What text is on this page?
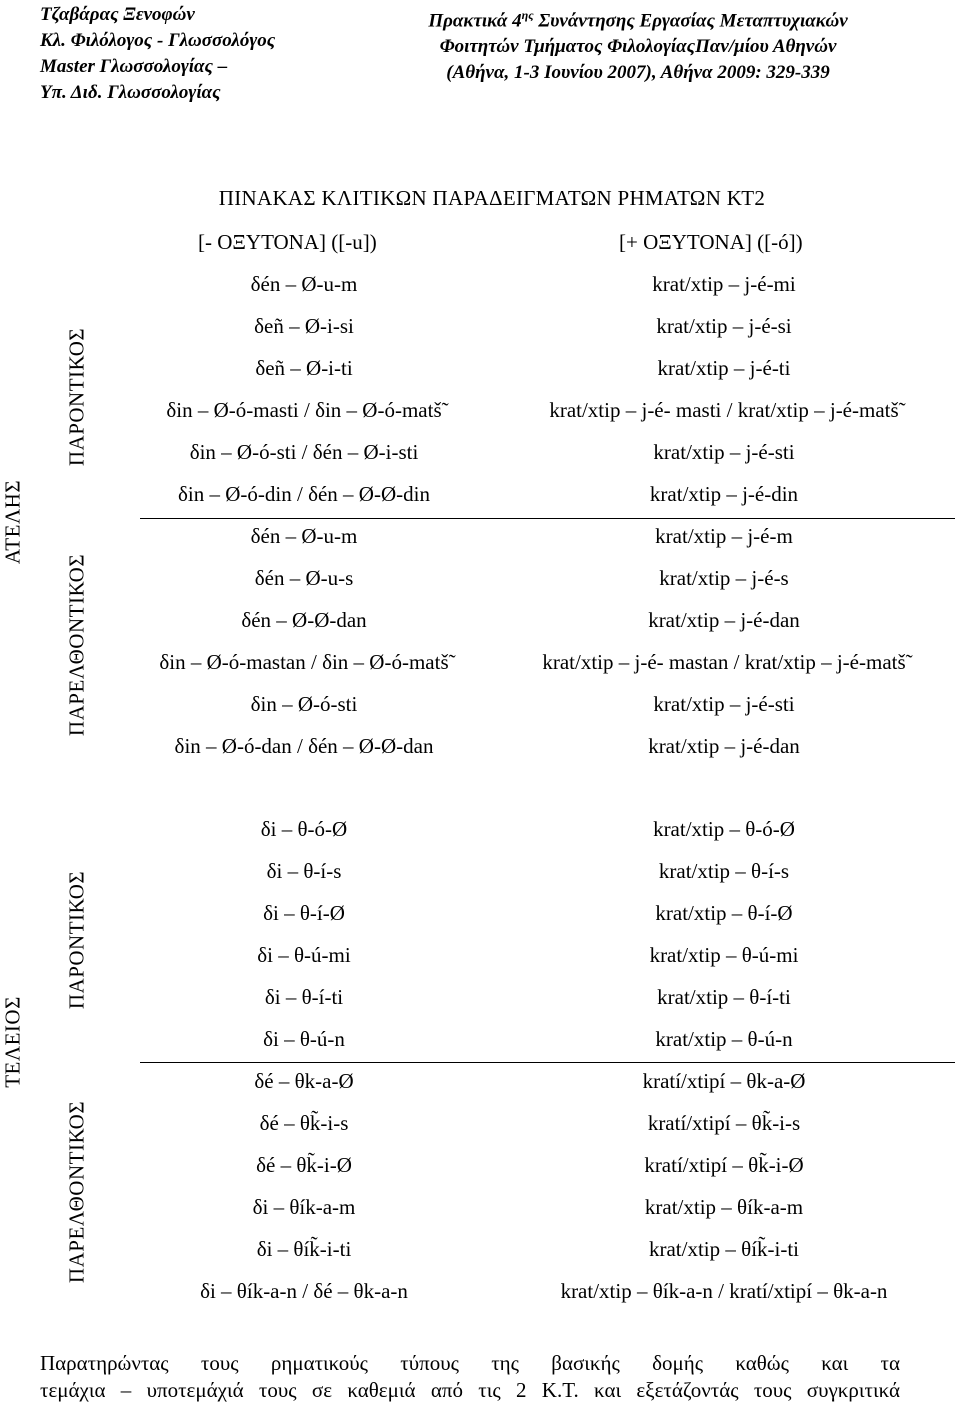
Τζαβάρας Ξενοφών
Κλ. Φιλόλογος - Γλωσσολόγος
Master Γλωσσολογίας –
Υπ. Διδ. Γλωσσολογίας
Πρακτικά $4^{\eta\varsigma}$ Συνάντησης Εργασίας Μεταπτυχιακών
Φοιτητών Τμήματος ΦιλολογίαςΠαν/μίου Αθηνών
(Αθήνα, 1-3 Ιουνίου 2007), Αθήνα 2009: 329-339
ΠΙΝΑΚΑΣ ΚΛΙΤΙΚΩΝ ΠΑΡΑΔΕΙΓΜΑΤΩΝ ΡΗΜΑΤΩΝ ΚΤ2
[- ΟΞΥΤΟΝΑ] ([-u])	[+ ΟΞΥΤΟΝΑ] ([-ó])
ΑΤΕΛΗΣ
ΠΑΡΟΝΤΙΚΟΣ
ΠΑΡΕΛΘΟΝΤΙΚΟΣ
ΤΕΛΕΙΟΣ
ΠΑΡΟΝΤΙΚΟΣ
ΠΑΡΕΛΘΟΝΤΙΚΟΣ
δén – Ø-u-m	krat/xtip – j-é-mi
δeñ – Ø-i-si	krat/xtip – j-é-si
δeñ – Ø-i-ti	krat/xtip – j-é-ti
δin – Ø-ó-masti / δin – Ø-ó-matš̃	krat/xtip – j-é- masti / krat/xtip – j-é-matš̃
δin – Ø-ó-sti / δén – Ø-i-sti	krat/xtip – j-é-sti
δin – Ø-ó-din / δén – Ø-Ø-din	krat/xtip – j-é-din
δén – Ø-u-m	krat/xtip – j-é-m
δén – Ø-u-s	krat/xtip – j-é-s
δén – Ø-Ø-dan	krat/xtip – j-é-dan
δin – Ø-ó-mastan / δin – Ø-ó-matš̃	krat/xtip – j-é- mastan / krat/xtip – j-é-matš̃
δin – Ø-ó-sti	krat/xtip – j-é-sti
δin – Ø-ó-dan / δén – Ø-Ø-dan	krat/xtip – j-é-dan
δi – θ-ó-Ø	krat/xtip – θ-ó-Ø
δi – θ-í-s	krat/xtip – θ-í-s
δi – θ-í-Ø	krat/xtip – θ-í-Ø
δi – θ-ú-mi	krat/xtip – θ-ú-mi
δi – θ-í-ti	krat/xtip – θ-í-ti
δi – θ-ú-n	krat/xtip – θ-ú-n
δé – θk-a-Ø	kratí/xtipí – θk-a-Ø
δé – θk̃-i-s	kratí/xtipí – θk̃-i-s
δé – θk̃-i-Ø	kratí/xtipí – θk̃-i-Ø
δi – θík-a-m	krat/xtip – θík-a-m
δi – θík̃-i-ti	krat/xtip – θík̃-i-ti
δi – θík-a-n / δé – θk-a-n	krat/xtip – θík-a-n / kratí/xtipí – θk-a-n
Παρατηρώντας τους ρηματικούς τύπους της βασικής δομής καθώς και τα
τεμάχια – υποτεμάχιά τους σε καθεμιά από τις 2 Κ.Τ. και εξετάζοντάς τους συγκριτικά
